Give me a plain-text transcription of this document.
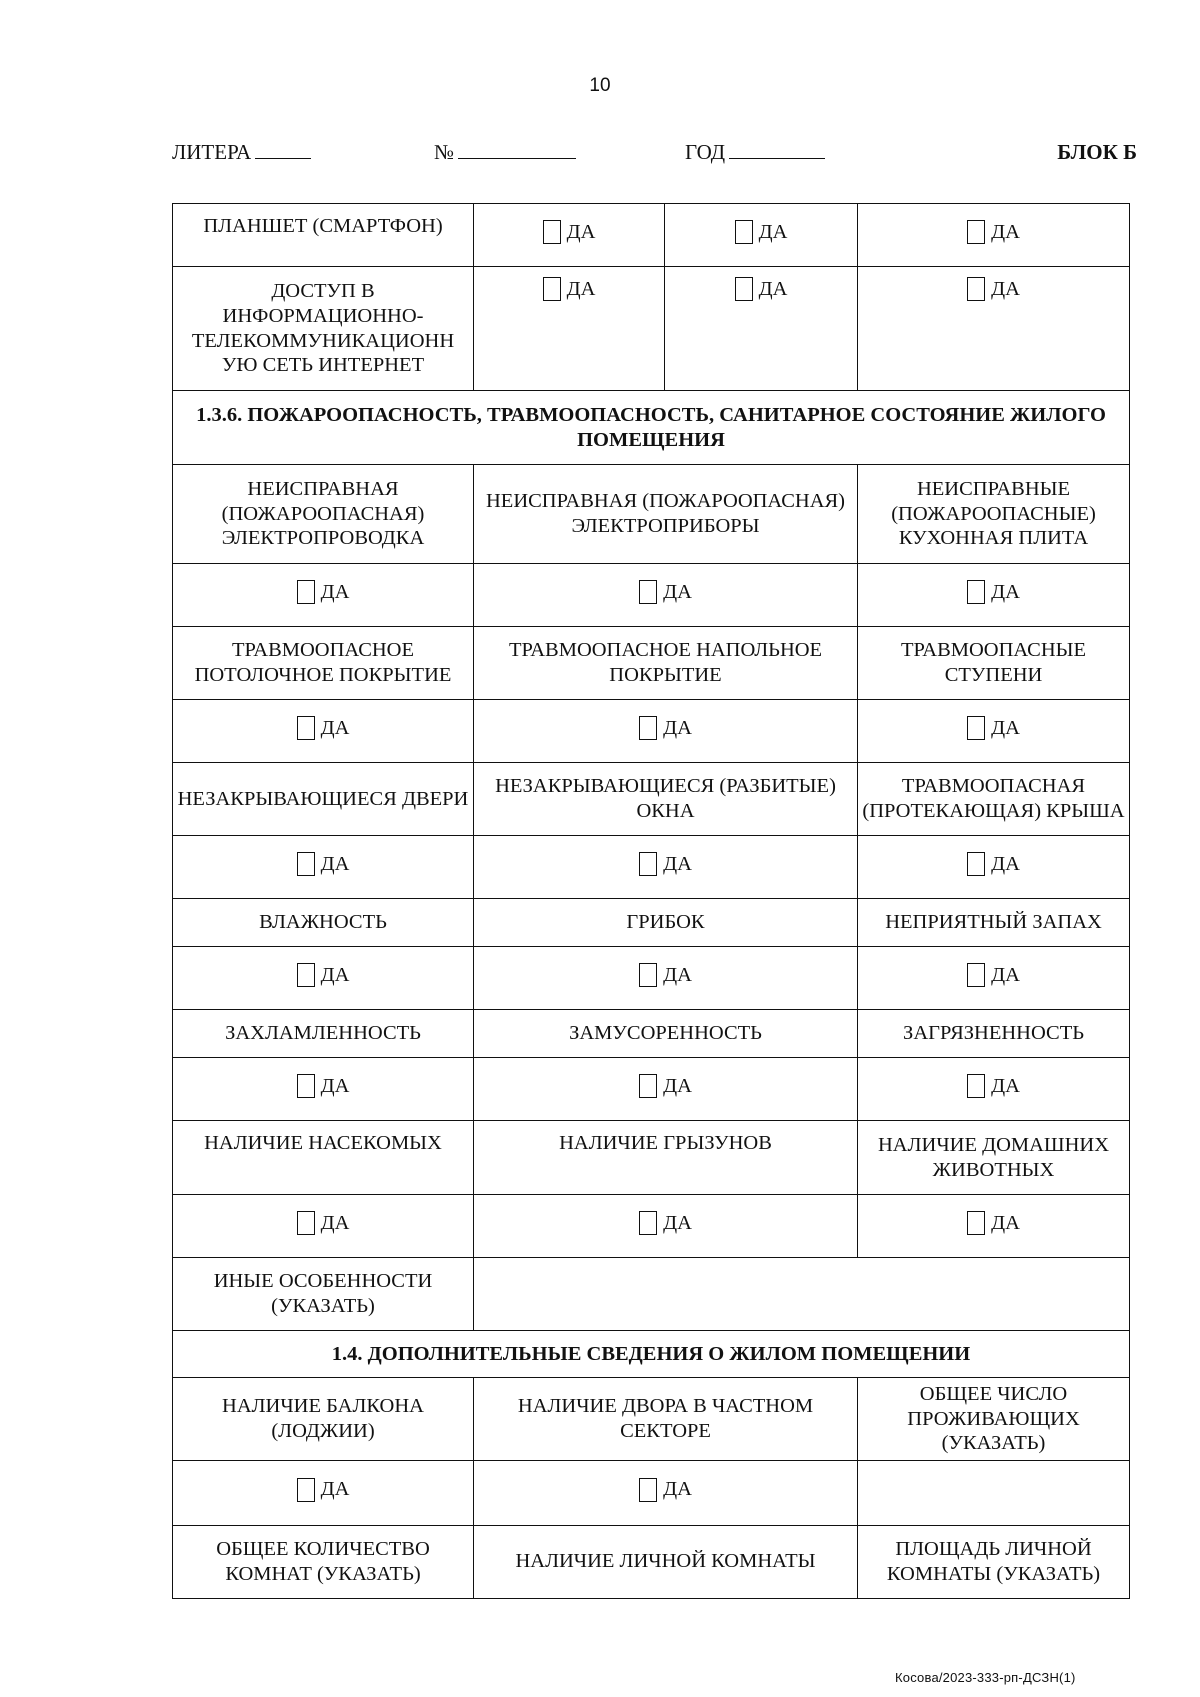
10
ЛИТЕРА	№	ГОД	БЛОК Б
ПЛАНШЕТ (СМАРТФОН)	ДА	ДА	ДА

ДОСТУП В ИНФОРМАЦИОННО-ТЕЛЕКОММУНИКАЦИОНН УЮ СЕТЬ ИНТЕРНЕТ	ДА	ДА	ДА

1.3.6. ПОЖАРООПАСНОСТЬ, ТРАВМООПАСНОСТЬ, САНИТАРНОЕ СОСТОЯНИЕ ЖИЛОГО ПОМЕЩЕНИЯ			
НЕИСПРАВНАЯ (ПОЖАРООПАСНАЯ) ЭЛЕКТРОПРОВОДКА	НЕИСПРАВНАЯ (ПОЖАРООПАСНАЯ) ЭЛЕКТРОПРИБОРЫ		НЕИСПРАВНЫЕ (ПОЖАРООПАСНЫЕ) КУХОННАЯ ПЛИТА

ДА	ДА		ДА

ТРАВМООПАСНОЕ ПОТОЛОЧНОЕ ПОКРЫТИЕ	ТРАВМООПАСНОЕ НАПОЛЬНОЕ ПОКРЫТИЕ		ТРАВМООПАСНЫЕ СТУПЕНИ

ДА	ДА		ДА

НЕЗАКРЫВАЮЩИЕСЯ ДВЕРИ	НЕЗАКРЫВАЮЩИЕСЯ (РАЗБИТЫЕ) ОКНА		ТРАВМООПАСНАЯ (ПРОТЕКАЮЩАЯ) КРЫША

ДА	ДА		ДА

ВЛАЖНОСТЬ	ГРИБОК		НЕПРИЯТНЫЙ ЗАПАХ

ДА	ДА		ДА

ЗАХЛАМЛЕННОСТЬ	ЗАМУСОРЕННОСТЬ		ЗАГРЯЗНЕННОСТЬ

ДА	ДА		ДА

НАЛИЧИЕ НАСЕКОМЫХ	НАЛИЧИЕ ГРЫЗУНОВ		НАЛИЧИЕ ДОМАШНИХ ЖИВОТНЫХ

ДА	ДА		ДА

ИНЫЕ ОСОБЕННОСТИ (УКАЗАТЬ)			
1.4. ДОПОЛНИТЕЛЬНЫЕ СВЕДЕНИЯ О ЖИЛОМ ПОМЕЩЕНИИ			
НАЛИЧИЕ БАЛКОНА (ЛОДЖИИ)	НАЛИЧИЕ ДВОРА В ЧАСТНОМ СЕКТОРЕ		ОБЩЕЕ ЧИСЛО ПРОЖИВАЮЩИХ (УКАЗАТЬ)

ДА	ДА		

ОБЩЕЕ КОЛИЧЕСТВО КОМНАТ (УКАЗАТЬ)	НАЛИЧИЕ ЛИЧНОЙ КОМНАТЫ		ПЛОЩАДЬ ЛИЧНОЙ КОМНАТЫ (УКАЗАТЬ)
Косова/2023-333-рп-ДСЗН(1)
